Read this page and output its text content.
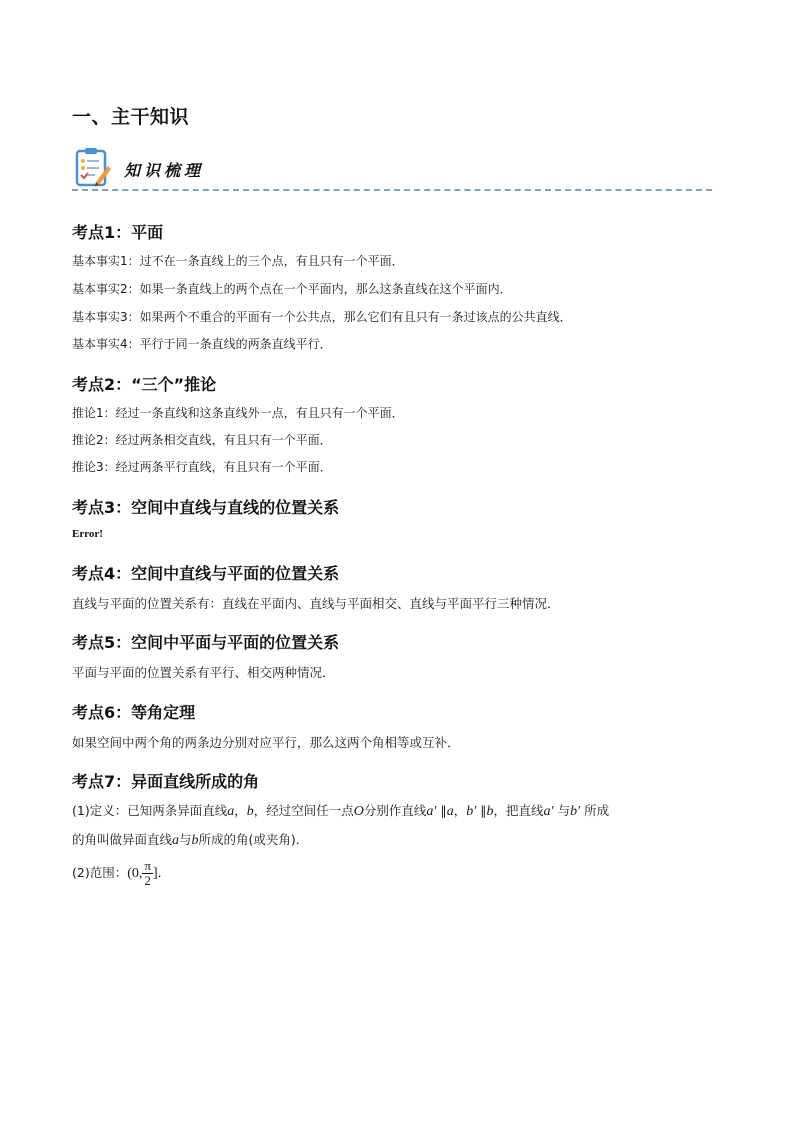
一、主干知识
知识梳理
考点1：平面
基本事实1：过不在一条直线上的三个点，有且只有一个平面．
基本事实2：如果一条直线上的两个点在一个平面内，那么这条直线在这个平面内．
基本事实3：如果两个不重合的平面有一个公共点，那么它们有且只有一条过该点的公共直线．
基本事实4：平行于同一条直线的两条直线平行．
考点2：“三个”推论
推论1：经过一条直线和这条直线外一点，有且只有一个平面．
推论2：经过两条相交直线，有且只有一个平面．
推论3：经过两条平行直线，有且只有一个平面．
考点3：空间中直线与直线的位置关系
Error!
考点4：空间中直线与平面的位置关系
直线与平面的位置关系有：直线在平面内、直线与平面相交、直线与平面平行三种情况．
考点5：空间中平面与平面的位置关系
平面与平面的位置关系有平行、相交两种情况．
考点6：等角定理
如果空间中两个角的两条边分别对应平行，那么这两个角相等或互补．
考点7：异面直线所成的角
(1)定义：已知两条异面直线a，b，经过空间任一点O分别作直线a′ ∥a，b′ ∥b，把直线a′ 与b′ 所成
的角叫做异面直线a与b所成的角(或夹角)．
(2)范围：(0, $\frac{\pi}{2}$ ]．
